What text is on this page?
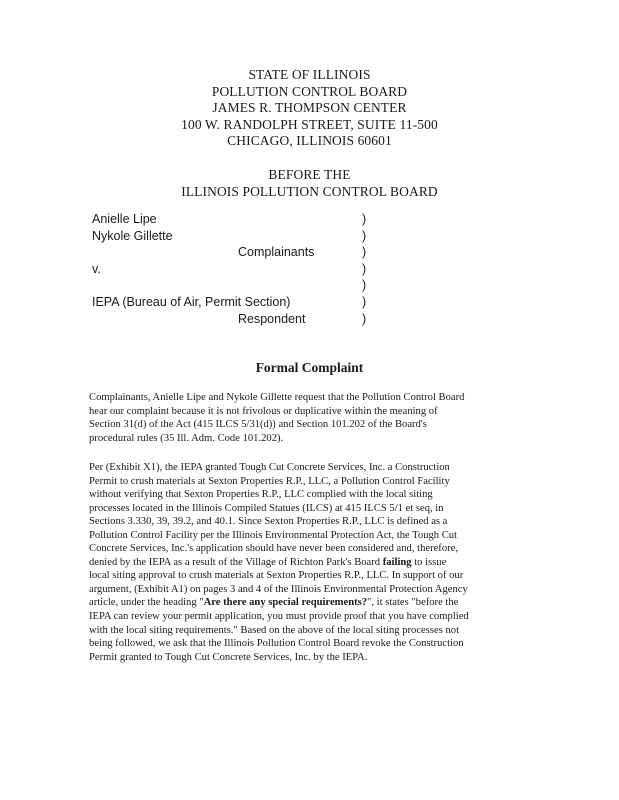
STATE OF ILLINOIS
POLLUTION CONTROL BOARD
JAMES R. THOMPSON CENTER
100 W. RANDOLPH STREET, SUITE 11-500
CHICAGO, ILLINOIS 60601
BEFORE THE
ILLINOIS POLLUTION CONTROL BOARD
Anielle Lipe	)
Nykole Gillette	)
Complainants	)
v.	)
)
IEPA (Bureau of Air, Permit Section)	)
Respondent	)
Formal Complaint

Complainants, Anielle Lipe and Nykole Gillette request that the Pollution Control Board
hear our complaint because it is not frivolous or duplicative within the meaning of
Section 31(d) of the Act (415 ILCS 5/31(d)) and Section 101.202 of the Board's
procedural rules (35 Ill. Adm. Code 101.202).

Per (Exhibit X1), the IEPA granted Tough Cut Concrete Services, Inc. a Construction
Permit to crush materials at Sexton Properties R.P., LLC, a Pollution Control Facility
without verifying that Sexton Properties R.P., LLC complied with the local siting
processes located in the Illinois Compiled Statues (ILCS) at 415 ILCS 5/1 et seq, in
Sections 3.330, 39, 39.2, and 40.1. Since Sexton Properties R.P., LLC is defined as a
Pollution Control Facility per the Illinois Environmental Protection Act, the Tough Cut
Concrete Services, Inc.'s application should have never been considered and, therefore,
denied by the IEPA as a result of the Village of Richton Park's Board failing to issue
local siting approval to crush materials at Sexton Properties R.P., LLC. In support of our
argument, (Exhibit A1) on pages 3 and 4 of the Illinois Environmental Protection Agency
article, under the heading "Are there any special requirements?", it states "before the
IEPA can review your permit application, you must provide proof that you have complied
with the local siting requirements." Based on the above of the local siting processes not
being followed, we ask that the Illinois Pollution Control Board revoke the Construction
Permit granted to Tough Cut Concrete Services, Inc. by the IEPA.
